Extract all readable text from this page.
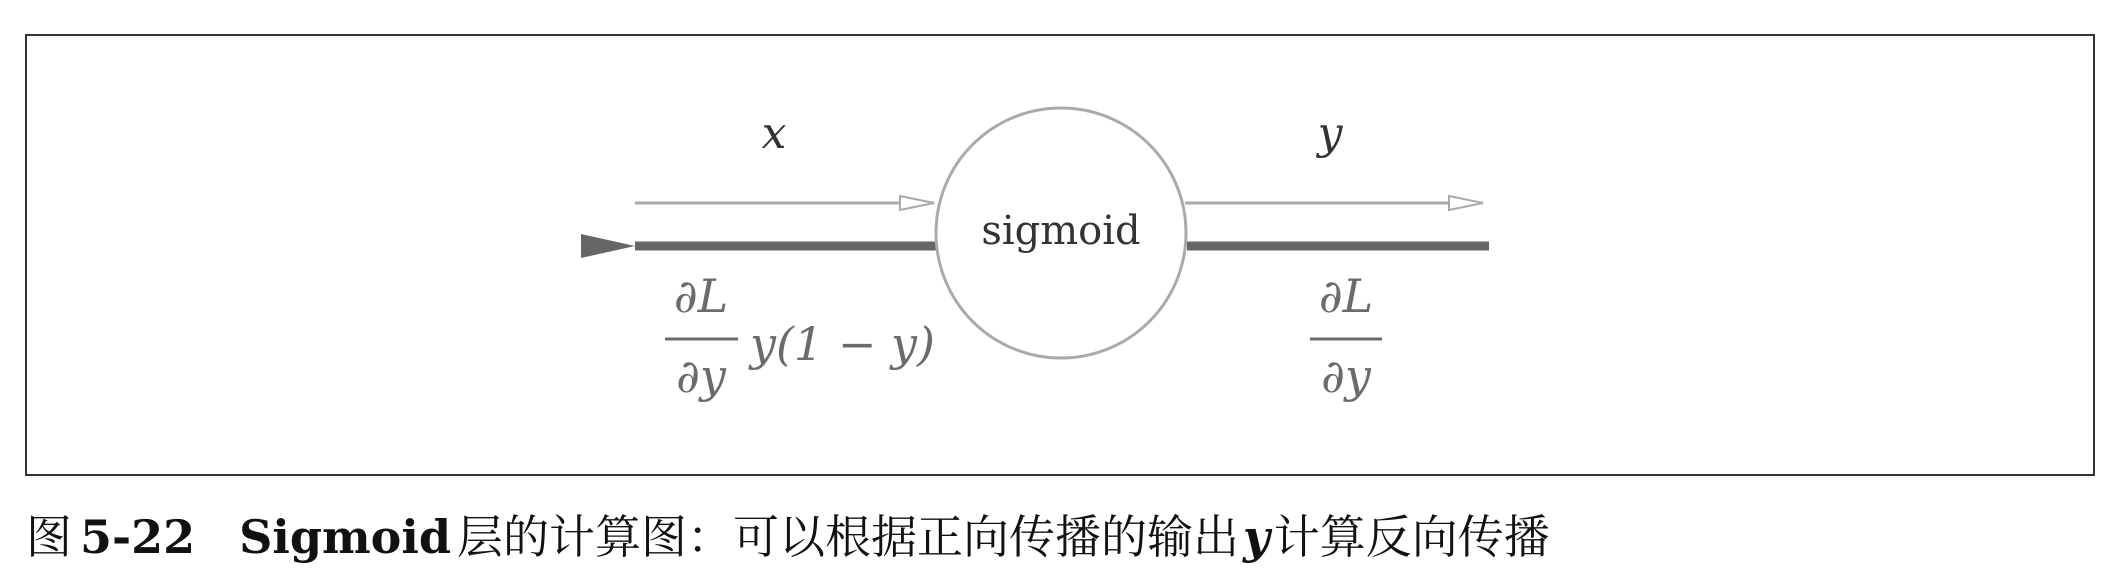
sigmoid
x	y
∂L
∂y
y(1 − y)
∂L
∂y
图 5-22 Sigmoid 层的计算图：可以根据正向传播的输出y计算反向传播
